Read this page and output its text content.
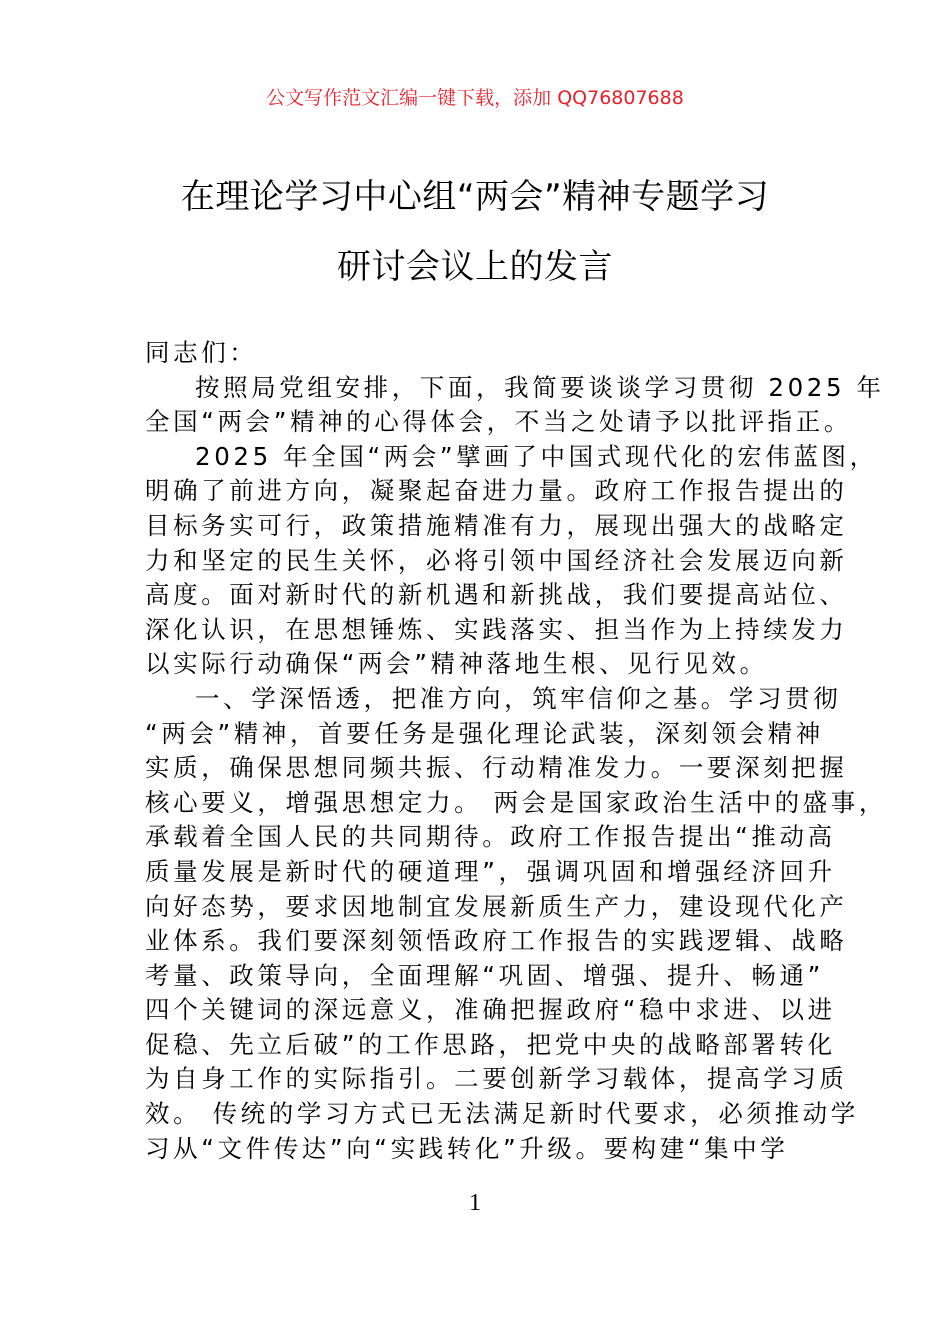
公文写作范文汇编一键下载，添加 QQ76807688
在理论学习中心组“两会”精神专题学习
研讨会议上的发言
同志们：
按照局党组安排，下面，我简要谈谈学习贯彻 2025 年
全国“两会”精神的心得体会，不当之处请予以批评指正。
2025 年全国“两会”擘画了中国式现代化的宏伟蓝图，
明确了前进方向，凝聚起奋进力量。政府工作报告提出的
目标务实可行，政策措施精准有力，展现出强大的战略定
力和坚定的民生关怀，必将引领中国经济社会发展迈向新
高度。面对新时代的新机遇和新挑战，我们要提高站位、
深化认识，在思想锤炼、实践落实、担当作为上持续发力
以实际行动确保“两会”精神落地生根、见行见效。
一、学深悟透，把准方向，筑牢信仰之基。学习贯彻
“两会”精神，首要任务是强化理论武装，深刻领会精神
实质，确保思想同频共振、行动精准发力。一要深刻把握
核心要义，增强思想定力。 两会是国家政治生活中的盛事，
承载着全国人民的共同期待。政府工作报告提出“推动高
质量发展是新时代的硬道理”，强调巩固和增强经济回升
向好态势，要求因地制宜发展新质生产力，建设现代化产
业体系。我们要深刻领悟政府工作报告的实践逻辑、战略
考量、政策导向，全面理解“巩固、增强、提升、畅通”
四个关键词的深远意义，准确把握政府“稳中求进、以进
促稳、先立后破”的工作思路，把党中央的战略部署转化
为自身工作的实际指引。二要创新学习载体，提高学习质
效。 传统的学习方式已无法满足新时代要求，必须推动学
习从“文件传达”向“实践转化”升级。要构建“集中学
1
